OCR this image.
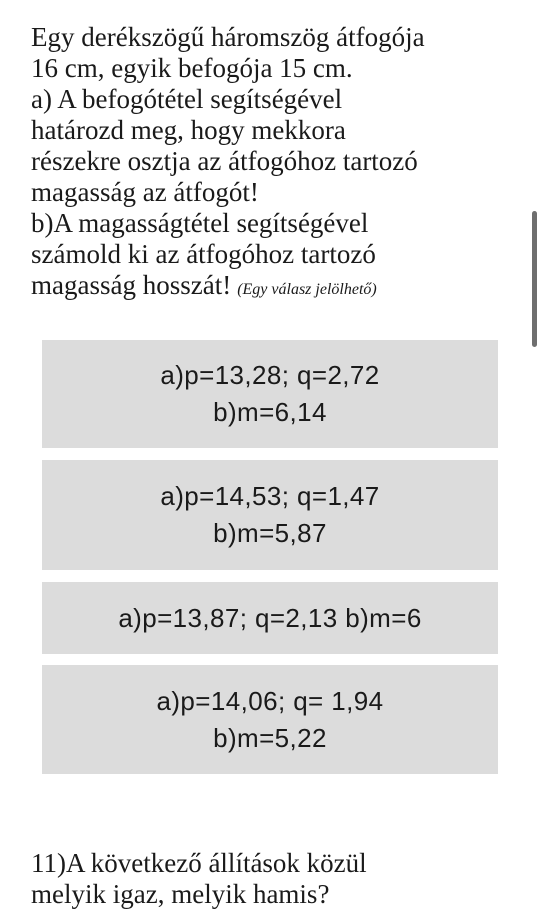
Egy derékszögű háromszög átfogója

16 cm, egyik befogója 15 cm.

a) A befogótétel segítségével

határozd meg, hogy mekkora

részekre osztja az átfogóhoz tartozó

magasság az átfogót!

b)A magasságtétel segítségével

számold ki az átfogóhoz tartozó

magasság hosszát! (Egy válasz jelölhető)

a)p=13,28; q=2,72
b)m=6,14
a)p=14,53; q=1,47
b)m=5,87
a)p=13,87; q=2,13 b)m=6
a)p=14,06; q= 1,94
b)m=5,22
11)A következő állítások közül
melyik igaz, melyik hamis?
